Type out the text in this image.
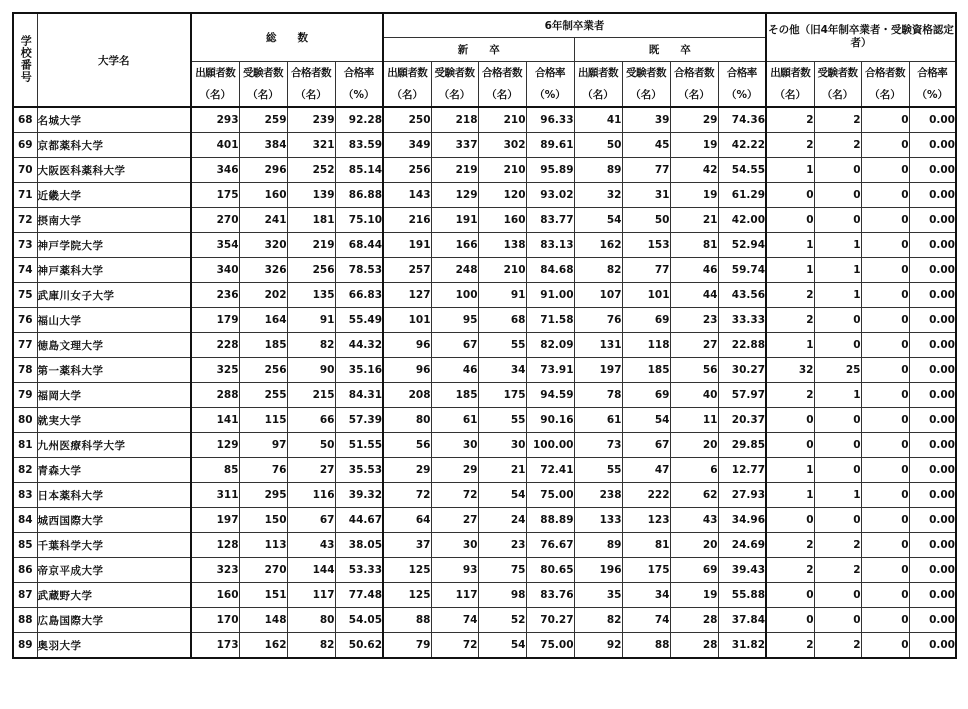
学校番号	大学名	総　　数				6年制卒業者								その他（旧4年制卒業者・受験資格認定者）			
						新　　卒				既　　卒							
		出願者数	受験者数	合格者数	合格率	出願者数	受験者数	合格者数	合格率	出願者数	受験者数	合格者数	合格率	出願者数	受験者数	合格者数	合格率
		（名）	（名）	（名）	（%）	（名）	（名）	（名）	（%）	（名）	（名）	（名）	（%）	（名）	（名）	（名）	（%）
68	名城大学	293	259	239	92.28	250	218	210	96.33	41	39	29	74.36	2	2	0	0.00
69	京都薬科大学	401	384	321	83.59	349	337	302	89.61	50	45	19	42.22	2	2	0	0.00
70	大阪医科薬科大学	346	296	252	85.14	256	219	210	95.89	89	77	42	54.55	1	0	0	0.00
71	近畿大学	175	160	139	86.88	143	129	120	93.02	32	31	19	61.29	0	0	0	0.00
72	摂南大学	270	241	181	75.10	216	191	160	83.77	54	50	21	42.00	0	0	0	0.00
73	神戸学院大学	354	320	219	68.44	191	166	138	83.13	162	153	81	52.94	1	1	0	0.00
74	神戸薬科大学	340	326	256	78.53	257	248	210	84.68	82	77	46	59.74	1	1	0	0.00
75	武庫川女子大学	236	202	135	66.83	127	100	91	91.00	107	101	44	43.56	2	1	0	0.00
76	福山大学	179	164	91	55.49	101	95	68	71.58	76	69	23	33.33	2	0	0	0.00
77	徳島文理大学	228	185	82	44.32	96	67	55	82.09	131	118	27	22.88	1	0	0	0.00
78	第一薬科大学	325	256	90	35.16	96	46	34	73.91	197	185	56	30.27	32	25	0	0.00
79	福岡大学	288	255	215	84.31	208	185	175	94.59	78	69	40	57.97	2	1	0	0.00
80	就実大学	141	115	66	57.39	80	61	55	90.16	61	54	11	20.37	0	0	0	0.00
81	九州医療科学大学	129	97	50	51.55	56	30	30	100.00	73	67	20	29.85	0	0	0	0.00
82	青森大学	85	76	27	35.53	29	29	21	72.41	55	47	6	12.77	1	0	0	0.00
83	日本薬科大学	311	295	116	39.32	72	72	54	75.00	238	222	62	27.93	1	1	0	0.00
84	城西国際大学	197	150	67	44.67	64	27	24	88.89	133	123	43	34.96	0	0	0	0.00
85	千葉科学大学	128	113	43	38.05	37	30	23	76.67	89	81	20	24.69	2	2	0	0.00
86	帝京平成大学	323	270	144	53.33	125	93	75	80.65	196	175	69	39.43	2	2	0	0.00
87	武蔵野大学	160	151	117	77.48	125	117	98	83.76	35	34	19	55.88	0	0	0	0.00
88	広島国際大学	170	148	80	54.05	88	74	52	70.27	82	74	28	37.84	0	0	0	0.00
89	奥羽大学	173	162	82	50.62	79	72	54	75.00	92	88	28	31.82	2	2	0	0.00
